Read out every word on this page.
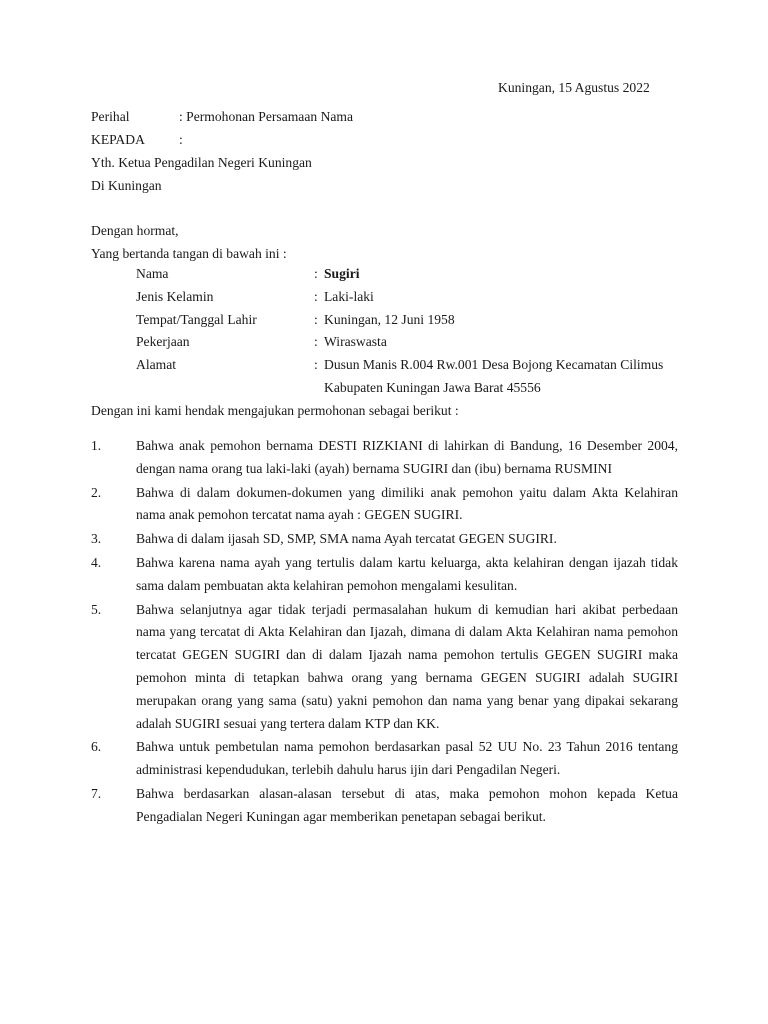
Kuningan, 15 Agustus 2022
Perihal	: Permohonan Persamaan Nama
KEPADA	:
Yth. Ketua Pengadilan Negeri Kuningan
Di Kuningan
Dengan hormat,
Yang bertanda tangan di bawah ini :
Nama	: Sugiri
Jenis Kelamin	: Laki-laki
Tempat/Tanggal Lahir	: Kuningan, 12 Juni 1958
Pekerjaan	: Wiraswasta
Alamat	: Dusun Manis R.004 Rw.001 Desa Bojong Kecamatan Cilimus Kabupaten Kuningan Jawa Barat 45556
Dengan ini kami hendak mengajukan permohonan sebagai berikut :
1.	Bahwa anak pemohon bernama DESTI RIZKIANI di lahirkan di Bandung, 16 Desember 2004, dengan nama orang tua laki-laki (ayah) bernama SUGIRI dan (ibu) bernama RUSMINI
2.	Bahwa di dalam dokumen-dokumen yang dimiliki anak pemohon yaitu dalam Akta Kelahiran nama anak pemohon tercatat nama ayah : GEGEN SUGIRI.
3.	Bahwa di dalam ijasah SD, SMP, SMA nama Ayah tercatat GEGEN SUGIRI.
4.	Bahwa karena nama ayah yang tertulis dalam kartu keluarga, akta kelahiran dengan ijazah tidak sama dalam pembuatan akta kelahiran pemohon mengalami kesulitan.
5.	Bahwa selanjutnya agar tidak terjadi permasalahan hukum di kemudian hari akibat perbedaan nama yang tercatat di Akta Kelahiran dan Ijazah, dimana di dalam Akta Kelahiran nama pemohon tercatat GEGEN SUGIRI dan di dalam Ijazah nama pemohon tertulis GEGEN SUGIRI maka pemohon minta di tetapkan bahwa orang yang bernama GEGEN SUGIRI adalah SUGIRI merupakan orang yang sama (satu) yakni pemohon dan nama yang benar yang dipakai sekarang adalah SUGIRI sesuai yang tertera dalam KTP dan KK.
6.	Bahwa untuk pembetulan nama pemohon berdasarkan pasal 52 UU No. 23 Tahun 2016 tentang administrasi kependudukan, terlebih dahulu harus ijin dari Pengadilan Negeri.
7.	Bahwa berdasarkan alasan-alasan tersebut di atas, maka pemohon mohon kepada Ketua Pengadialan Negeri Kuningan agar memberikan penetapan sebagai berikut.
